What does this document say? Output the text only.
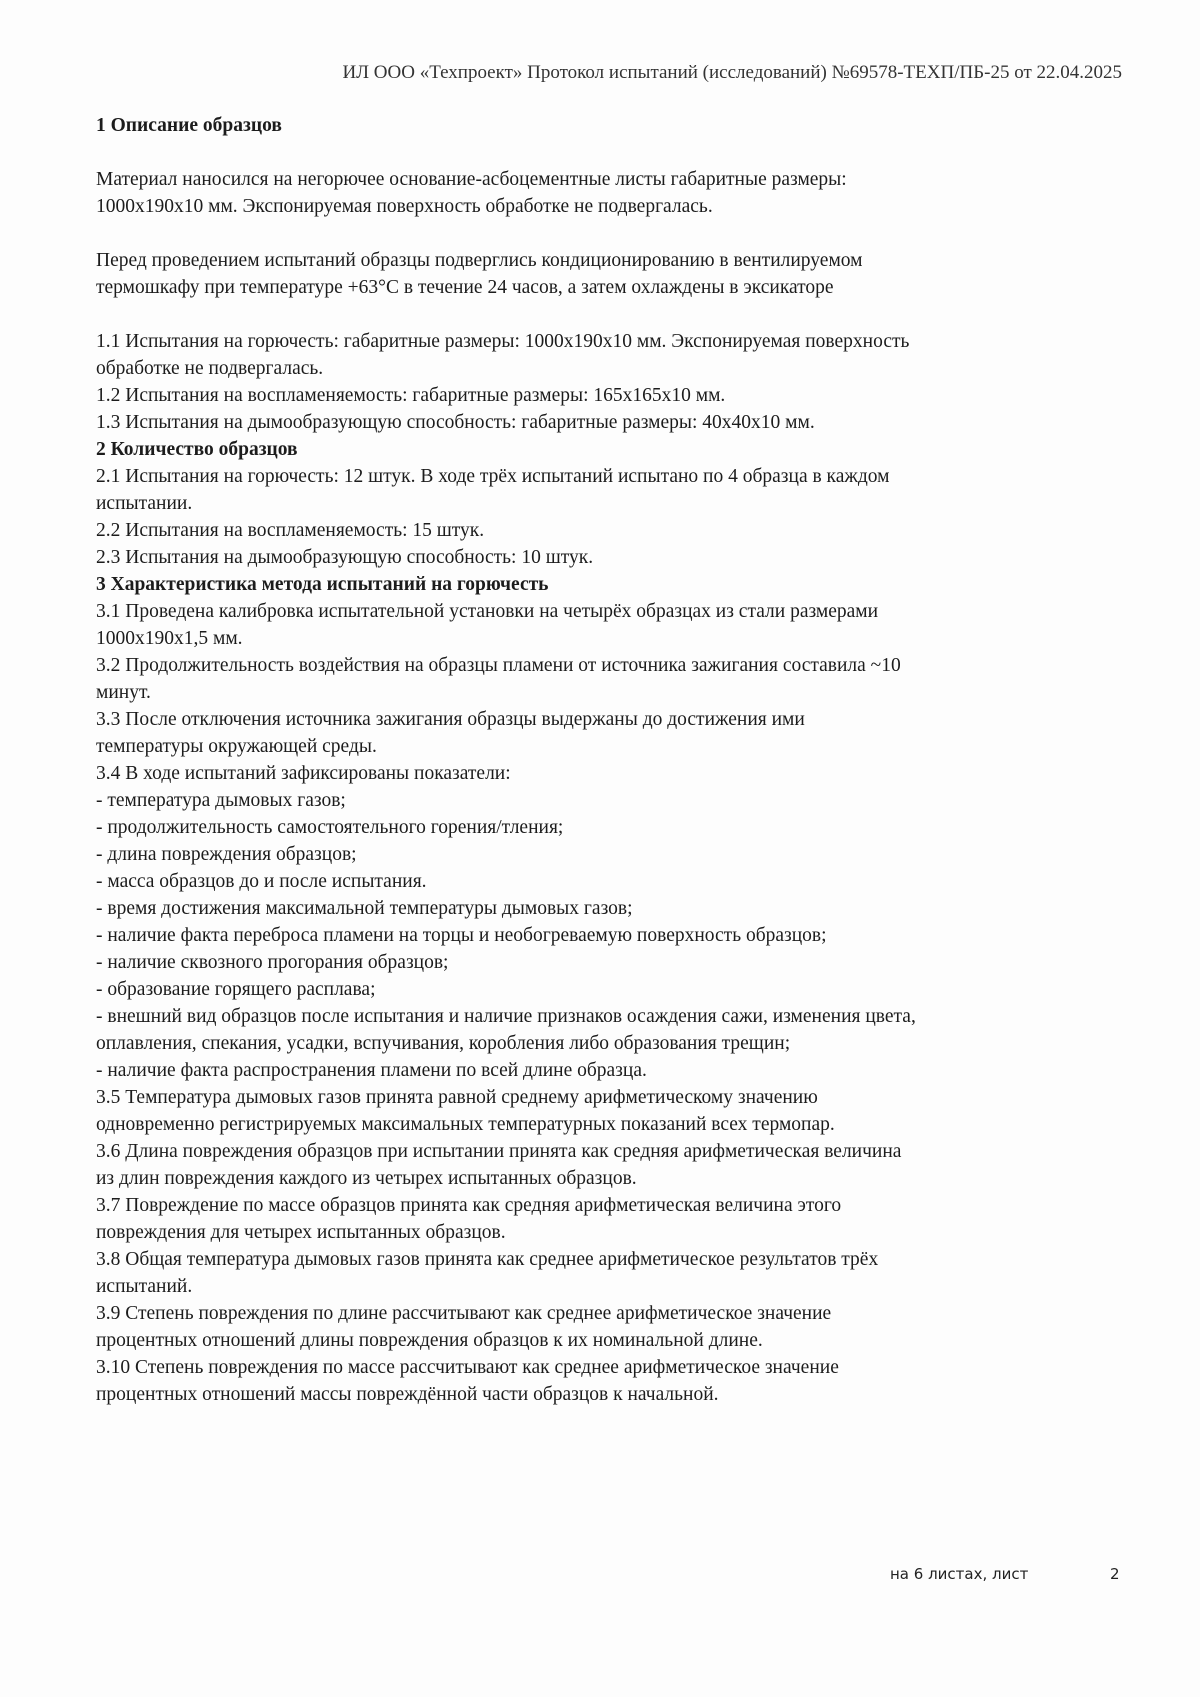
ИЛ ООО «Техпроект» Протокол испытаний (исследований) №69578-ТЕХП/ПБ-25 от 22.04.2025

1 Описание образцов

Материал наносился на негорючее основание-асбоцементные листы габаритные размеры:

1000х190х10 мм. Экспонируемая поверхность обработке не подвергалась.

Перед проведением испытаний образцы подверглись кондиционированию в вентилируемом

термошкафу при температуре +63°С в течение 24 часов, а затем охлаждены в эксикаторе

1.1 Испытания на горючесть: габаритные размеры: 1000х190х10 мм. Экспонируемая поверхность

обработке не подвергалась.

1.2 Испытания на воспламеняемость: габаритные размеры: 165х165х10 мм.

1.3 Испытания на дымообразующую способность: габаритные размеры: 40х40х10 мм.

2 Количество образцов

2.1 Испытания на горючесть: 12 штук. В ходе трёх испытаний испытано по 4 образца в каждом

испытании.

2.2 Испытания на воспламеняемость: 15 штук.

2.3 Испытания на дымообразующую способность: 10 штук.

3 Характеристика метода испытаний на горючесть

3.1 Проведена калибровка испытательной установки на четырёх образцах из стали размерами

1000х190х1,5 мм.

3.2 Продолжительность воздействия на образцы пламени от источника зажигания составила ~10

минут.

3.3 После отключения источника зажигания образцы выдержаны до достижения ими

температуры окружающей среды.

3.4 В ходе испытаний зафиксированы показатели:

- температура дымовых газов;

- продолжительность самостоятельного горения/тления;

- длина повреждения образцов;

- масса образцов до и после испытания.

- время достижения максимальной температуры дымовых газов;

- наличие факта переброса пламени на торцы и необогреваемую поверхность образцов;

- наличие сквозного прогорания образцов;

- образование горящего расплава;

- внешний вид образцов после испытания и наличие признаков осаждения сажи, изменения цвета,

оплавления, спекания, усадки, вспучивания, коробления либо образования трещин;

- наличие факта распространения пламени по всей длине образца.

3.5 Температура дымовых газов принята равной среднему арифметическому значению

одновременно регистрируемых максимальных температурных показаний всех термопар.

3.6 Длина повреждения образцов при испытании принята как средняя арифметическая величина

из длин повреждения каждого из четырех испытанных образцов.

3.7 Повреждение по массе образцов принята как средняя арифметическая величина этого

повреждения для четырех испытанных образцов.

3.8 Общая температура дымовых газов принята как среднее арифметическое результатов трёх

испытаний.

3.9 Степень повреждения по длине рассчитывают как среднее арифметическое значение

процентных отношений длины повреждения образцов к их номинальной длине.

3.10 Степень повреждения по массе рассчитывают как среднее арифметическое значение

процентных отношений массы повреждённой части образцов к начальной.

на 6 листах, лист	2
